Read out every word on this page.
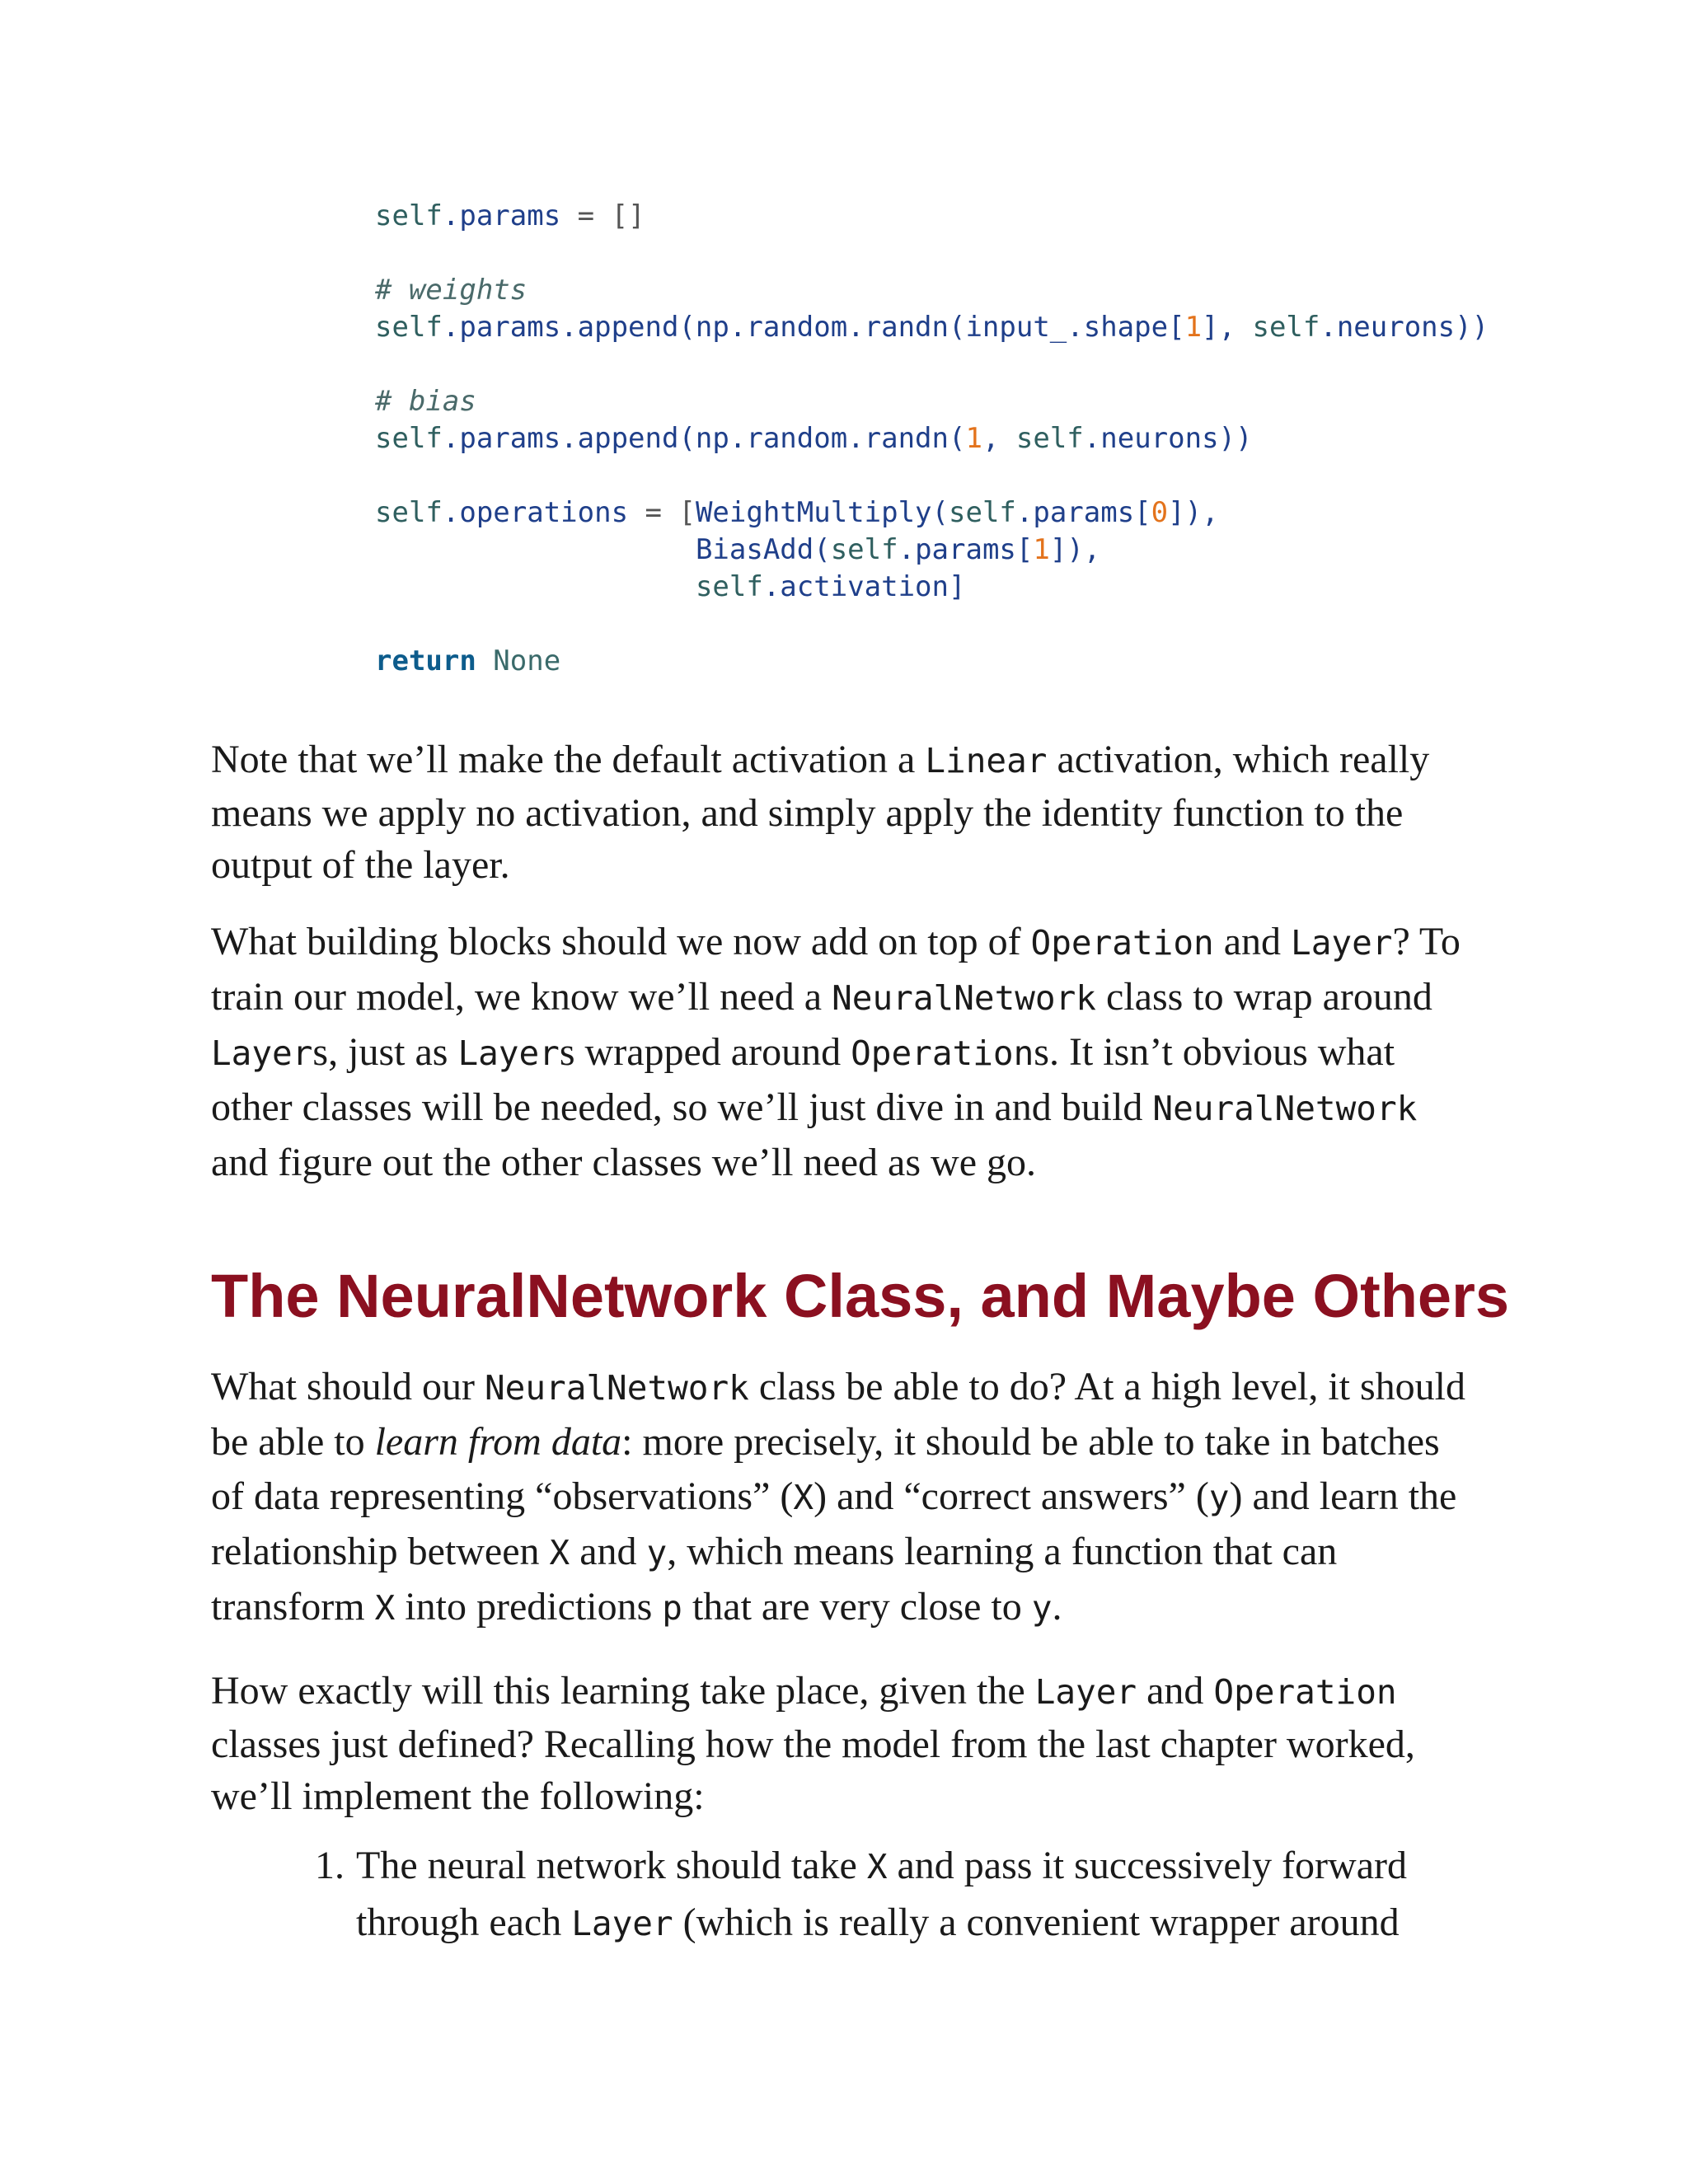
self.params = []

# weights
self.params.append(np.random.randn(input_.shape[1], self.neurons))

# bias
self.params.append(np.random.randn(1, self.neurons))

self.operations = [WeightMultiply(self.params[0]),
BiasAdd(self.params[1]),
self.activation]

return None

Note that we’ll make the default activation a Linear activation, which really means we apply no activation, and simply apply the identity function to the output of the layer.

What building blocks should we now add on top of Operation and Layer? To train our model, we know we’ll need a NeuralNetwork class to wrap around Layers, just as Layers wrapped around Operations. It isn’t obvious what other classes will be needed, so we’ll just dive in and build NeuralNetwork and figure out the other classes we’ll need as we go.

The NeuralNetwork Class, and Maybe Others

What should our NeuralNetwork class be able to do? At a high level, it should be able to learn from data: more precisely, it should be able to take in batches of data representing “observations” (X) and “correct answers” (y) and learn the relationship between X and y, which means learning a function that can transform X into predictions p that are very close to y.

How exactly will this learning take place, given the Layer and Operation classes just defined? Recalling how the model from the last chapter worked, we’ll implement the following:

1. The neural network should take X and pass it successively forward through each Layer (which is really a convenient wrapper around
